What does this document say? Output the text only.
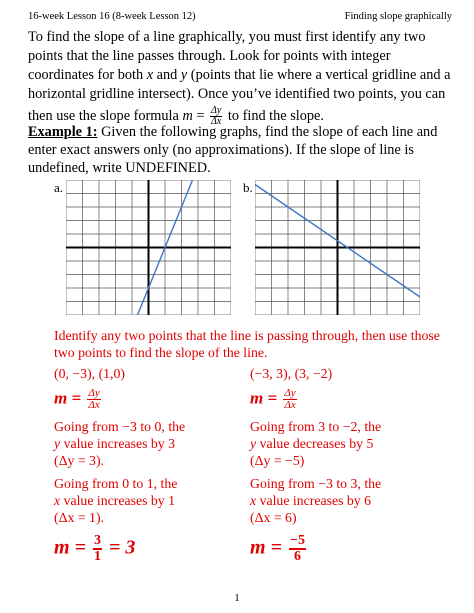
16-week Lesson 16 (8-week Lesson 12)	Finding slope graphically

To find the slope of a line graphically, you must first identify any two

points that the line passes through. Look for points with integer

coordinates for both x and y (points that lie where a vertical gridline and a

horizontal gridline intersect). Once you’ve identified two points, you can

then use the slope formula $m = \frac{\Delta y}{\Delta x}$ to find the slope.

Example 1: Given the following graphs, find the slope of each line and

enter exact answers only (no approximations). If the slope of line is

undefined, write UNDEFINED.

a.	b.
Identify any two points that the line is passing through, then use those
two points to find the slope of the line.
(0, −3), (1,0)
$m = \frac{\Delta y}{\Delta x}$
Going from −3 to 0, the
y value increases by 3
(Δy = 3).
Going from 0 to 1, the
x value increases by 1
(Δx = 1).
$m = \frac{3}{1} = 3$
(−3, 3), (3, −2)
$m = \frac{\Delta y}{\Delta x}$
Going from 3 to −2, the
y value decreases by 5
(Δy = −5)
Going from −3 to 3, the
x value increases by 6
(Δx = 6)
$m = \frac{-5}{6}$
1
